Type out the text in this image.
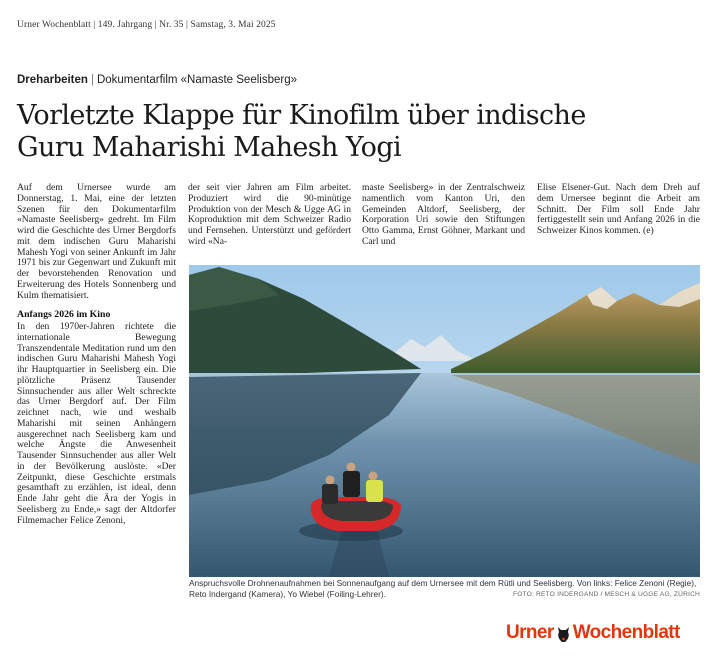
Urner Wochenblatt | 149. Jahrgang | Nr. 35 | Samstag, 3. Mai 2025
Dreharbeiten | Dokumentarfilm «Namaste Seelisberg»
Vorletzte Klappe für Kinofilm über indische
Guru Maharishi Mahesh Yogi

Auf dem Urnersee wurde am Donnerstag, 1. Mai, eine der letzten Szenen für den Dokumentarfilm «Namaste Seelisberg» gedreht. Im Film wird die Geschichte des Urner Bergdorfs mit dem indischen Guru Maharishi Mahesh Yogi von seiner Ankunft im Jahr 1971 bis zur Gegenwart und Zukunft mit der bevorstehenden Renovation und Erweiterung des Hotels Sonnenberg und Kulm thematisiert.

Anfangs 2026 im Kino

In den 1970er-Jahren richtete die internationale Bewegung Transzendentale Meditation rund um den indischen Guru Maharishi Mahesh Yogi ihr Hauptquartier in Seelisberg ein. Die plötzliche Präsenz Tausender Sinnsuchender aus aller Welt schreckte das Urner Bergdorf auf. Der Film zeichnet nach, wie und weshalb Maharishi mit seinen Anhängern ausgerechnet nach Seelisberg kam und welche Ängste die Anwesenheit Tausender Sinnsuchender aus aller Welt in der Bevölkerung auslöste. «Der Zeitpunkt, diese Geschichte erstmals gesamthaft zu erzählen, ist ideal, denn Ende Jahr geht die Ära der Yogis in Seelisberg zu Ende,» sagt der Altdorfer Filmemacher Felice Zenoni,

der seit vier Jahren am Film arbeitet. Produziert wird die 90-minütige Produktion von der Mesch & Ugge AG in Koproduktion mit dem Schweizer Radio und Fernsehen. Unterstützt und gefördert wird «Na-

maste Seelisberg» in der Zentralschweiz namentlich vom Kanton Uri, den Gemeinden Altdorf, Seelisberg, der Korporation Uri sowie den Stiftungen Otto Gamma, Ernst Göhner, Markant und Carl und

Elise Elsener-Gut. Nach dem Dreh auf dem Urnersee beginnt die Arbeit am Schnitt. Der Film soll Ende Jahr fertiggestellt sein und Anfang 2026 in die Schweizer Kinos kommen. (e)

Anspruchsvolle Drohnenaufnahmen bei Sonnenaufgang auf dem Urnersee mit dem Rütli und Seelisberg. Von links: Felice Zenoni (Regie), Reto Indergand (Kamera), Yo Wiebel (Foiling-Lehrer).	FOTO: RETO INDERGAND / MESCH & UGGE AG, ZÜRICH
Urner Wochenblatt
